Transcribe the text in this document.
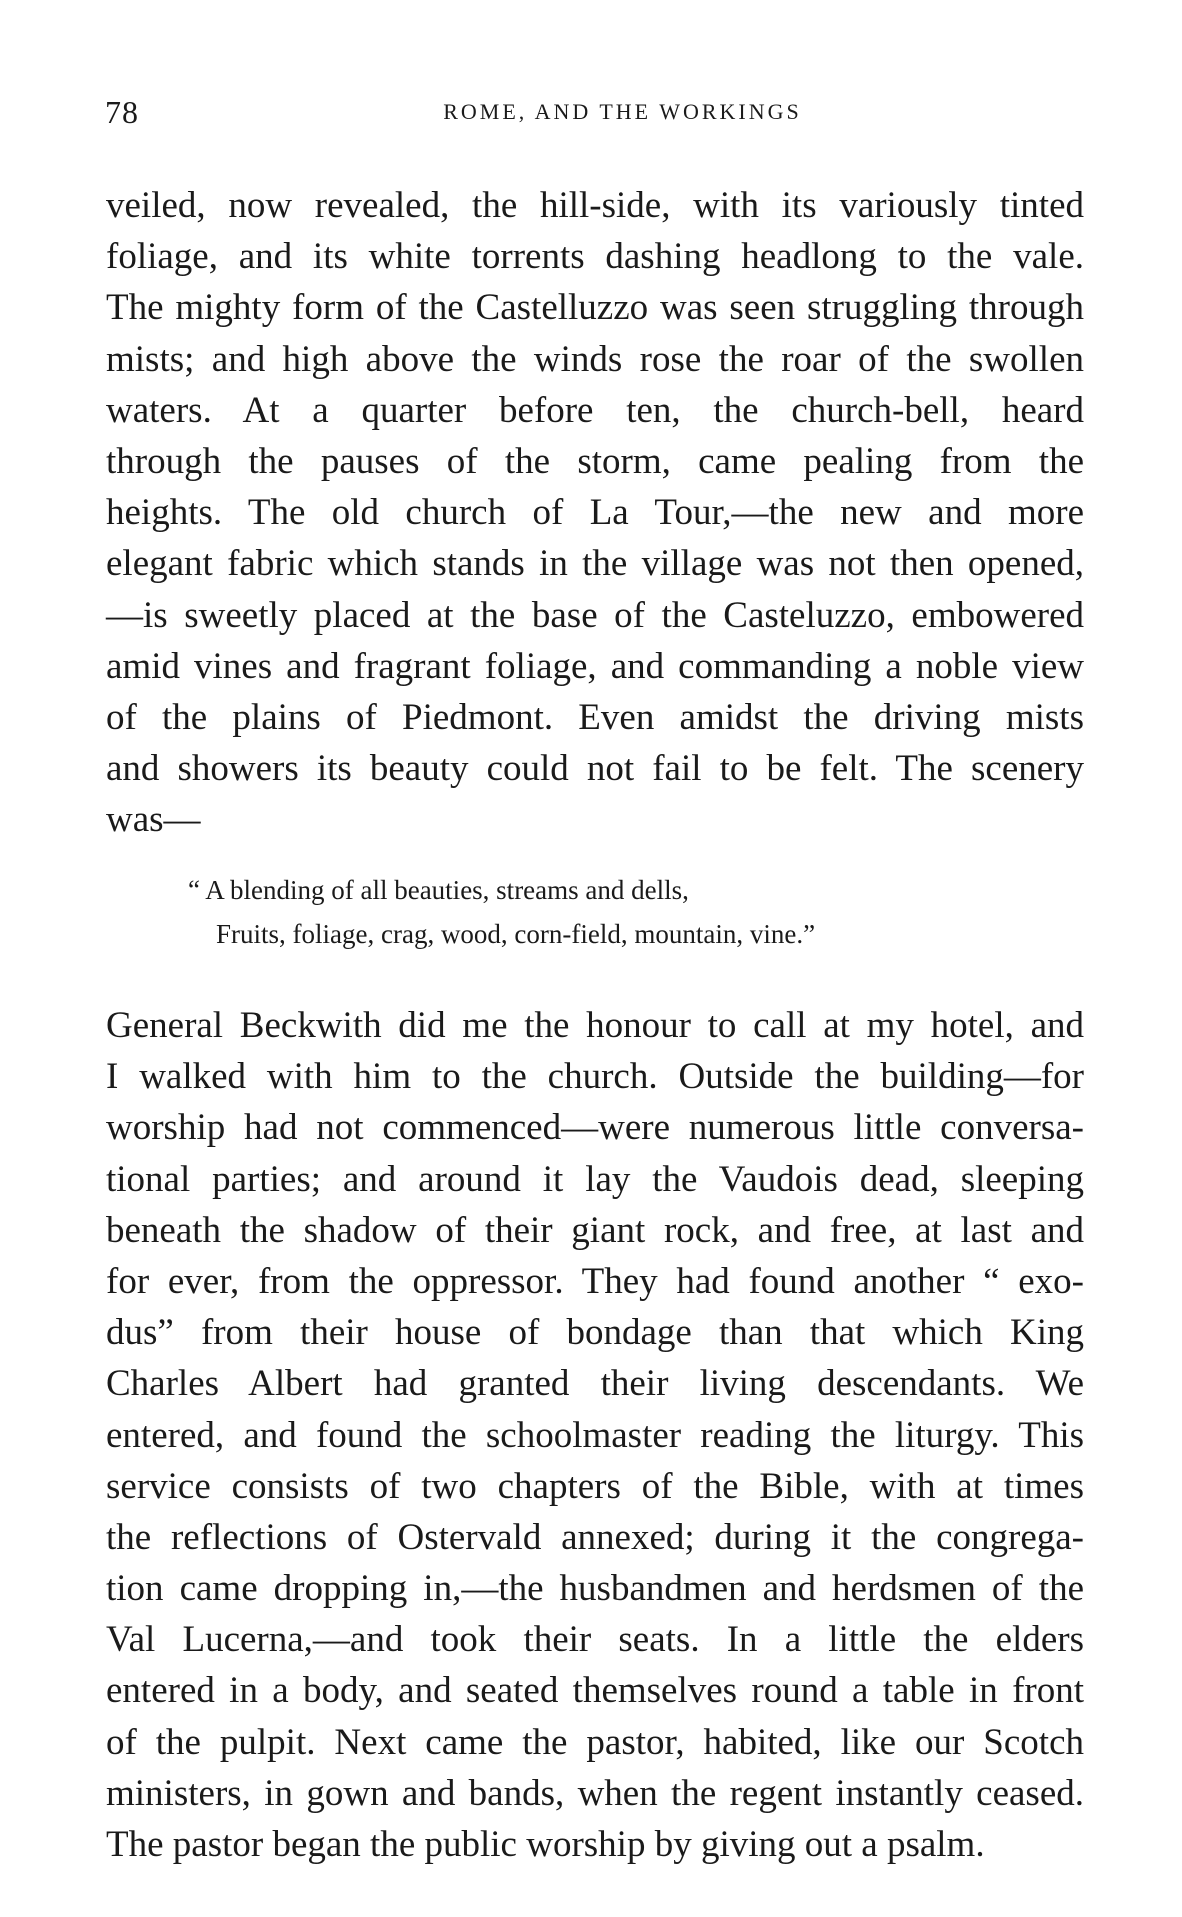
78	ROME, AND THE WORKINGS
veiled, now revealed, the hill-side, with its variously tinted
foliage, and its white torrents dashing headlong to the vale.
The mighty form of the Castelluzzo was seen struggling through
mists; and high above the winds rose the roar of the swollen
waters. At a quarter before ten, the church-bell, heard
through the pauses of the storm, came pealing from the
heights. The old church of La Tour,—the new and more
elegant fabric which stands in the village was not then opened,
—is sweetly placed at the base of the Casteluzzo, embowered
amid vines and fragrant foliage, and commanding a noble view
of the plains of Piedmont. Even amidst the driving mists
and showers its beauty could not fail to be felt. The scenery
was—
“ A blending of all beauties, streams and dells,
Fruits, foliage, crag, wood, corn-field, mountain, vine.”
General Beckwith did me the honour to call at my hotel, and
I walked with him to the church. Outside the building—for
worship had not commenced—were numerous little conversa-
tional parties; and around it lay the Vaudois dead, sleeping
beneath the shadow of their giant rock, and free, at last and
for ever, from the oppressor. They had found another “ exo-
dus” from their house of bondage than that which King
Charles Albert had granted their living descendants. We
entered, and found the schoolmaster reading the liturgy. This
service consists of two chapters of the Bible, with at times
the reflections of Ostervald annexed; during it the congrega-
tion came dropping in,—the husbandmen and herdsmen of the
Val Lucerna,—and took their seats. In a little the elders
entered in a body, and seated themselves round a table in front
of the pulpit. Next came the pastor, habited, like our Scotch
ministers, in gown and bands, when the regent instantly ceased.
The pastor began the public worship by giving out a psalm.
